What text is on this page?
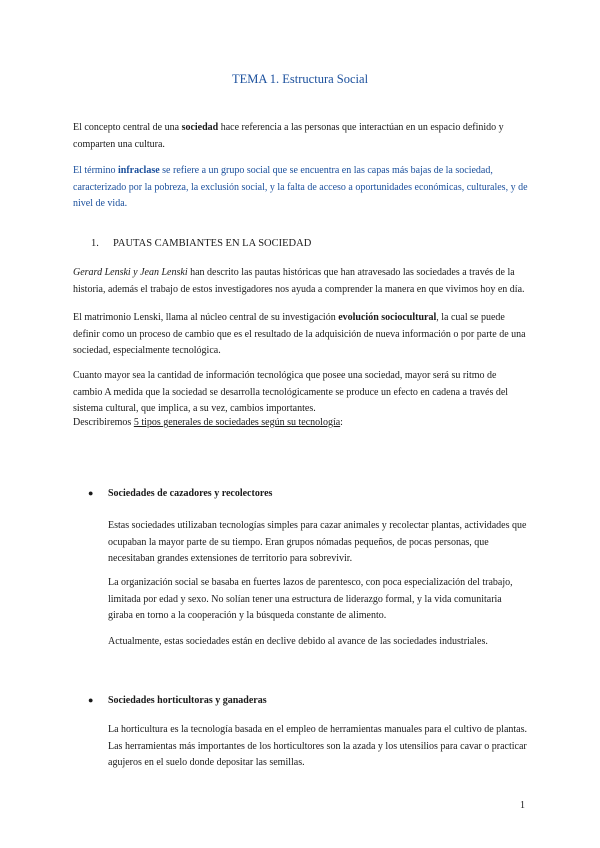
TEMA 1. Estructura Social

El concepto central de una sociedad hace referencia a las personas que interactúan en un espacio definido y comparten una cultura.

El término infraclase se refiere a un grupo social que se encuentra en las capas más bajas de la sociedad, caracterizado por la pobreza, la exclusión social, y la falta de acceso a oportunidades económicas, culturales, y de nivel de vida.

1. PAUTAS CAMBIANTES EN LA SOCIEDAD

Gerard Lenski y Jean Lenski han descrito las pautas históricas que han atravesado las sociedades a través de la historia, además el trabajo de estos investigadores nos ayuda a comprender la manera en que vivimos hoy en día.

El matrimonio Lenski, llama al núcleo central de su investigación evolución sociocultural, la cual se puede definir como un proceso de cambio que es el resultado de la adquisición de nueva información o por parte de una sociedad, especialmente tecnológica.

Cuanto mayor sea la cantidad de información tecnológica que posee una sociedad, mayor será su ritmo de cambio A medida que la sociedad se desarrolla tecnológicamente se produce un efecto en cadena a través del sistema cultural, que implica, a su vez, cambios importantes.

Describiremos 5 tipos generales de sociedades según su tecnología:

● Sociedades de cazadores y recolectores

Estas sociedades utilizaban tecnologías simples para cazar animales y recolectar plantas, actividades que ocupaban la mayor parte de su tiempo. Eran grupos nómadas pequeños, de pocas personas, que necesitaban grandes extensiones de territorio para sobrevivir.

La organización social se basaba en fuertes lazos de parentesco, con poca especialización del trabajo, limitada por edad y sexo. No solían tener una estructura de liderazgo formal, y la vida comunitaria giraba en torno a la cooperación y la búsqueda constante de alimento.

Actualmente, estas sociedades están en declive debido al avance de las sociedades industriales.

● Sociedades horticultoras y ganaderas

La horticultura es la tecnología basada en el empleo de herramientas manuales para el cultivo de plantas. Las herramientas más importantes de los horticultores son la azada y los utensilios para cavar o practicar agujeros en el suelo donde depositar las semillas.

1
